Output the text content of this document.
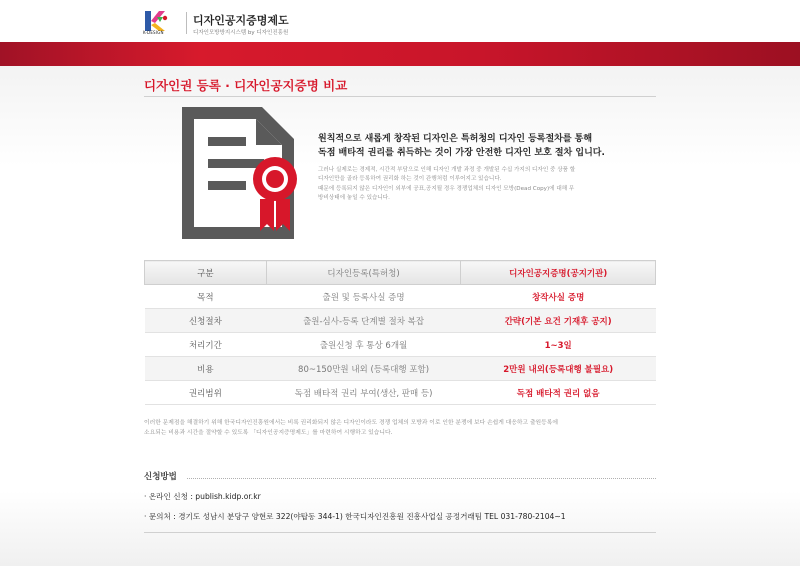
K-DESIGN
디자인공지증명제도
디자인모방방지시스템 by 디자인진흥원
디자인권 등록 · 디자인공지증명 비교
원칙적으로 새롭게 창작된 디자인은 특허청의 디자인 등록절차를 통해
독점 배타적 권리를 취득하는 것이 가장 안전한 디자인 보호 절차 입니다.
그러나 실제로는 경제적, 시간적 부담으로 인해 디자인 개발 과정 중 개발된 수십 가지의 디자인 중 상품 할
디자인만을 골라 등록하여 권리화 하는 것이 관행처럼 이루어지고 있습니다.
때문에 등록되지 않은 디자인이 외부에 공표,공지될 경우 경쟁업체의 디자인 모방(Dead Copy)에 대해 무
방비상태에 놓일 수 있습니다.
구분	디자인등록(특허청)	디자인공지증명(공지기관)
목적	출원 및 등록사실 증명	창작사실 증명
신청절차	출원-심사-등록 단계별 절차 복잡	간략(기본 요건 기재후 공지)
처리기간	출원신청 후 통상 6개월	1~3일
비용	80~150만원 내외 (등록대행 포함)	2만원 내외(등록대행 불필요)
권리범위	독점 배타적 권리 부여(생산, 판매 등)	독점 배타적 권리 없음
이러한 문제점을 해결하기 위해 한국디자인진흥원에서는 비록 권리화되지 않은 디자인이라도 경쟁 업체의 모방과 이로 인한 분쟁에 보다 손쉽게 대응하고 출원등록에
소요되는 비용과 시간을 절약할 수 있도록 「디자인공지증명제도」를 마련하여 시행하고 있습니다.
신청방법
· 온라인 신청 : publish.kidp.or.kr
· 문의처 : 경기도 성남시 분당구 양현로 322(야탑동 344-1) 한국디자인진흥원 진흥사업실 공정거래팀 TEL 031-780-2104~1
